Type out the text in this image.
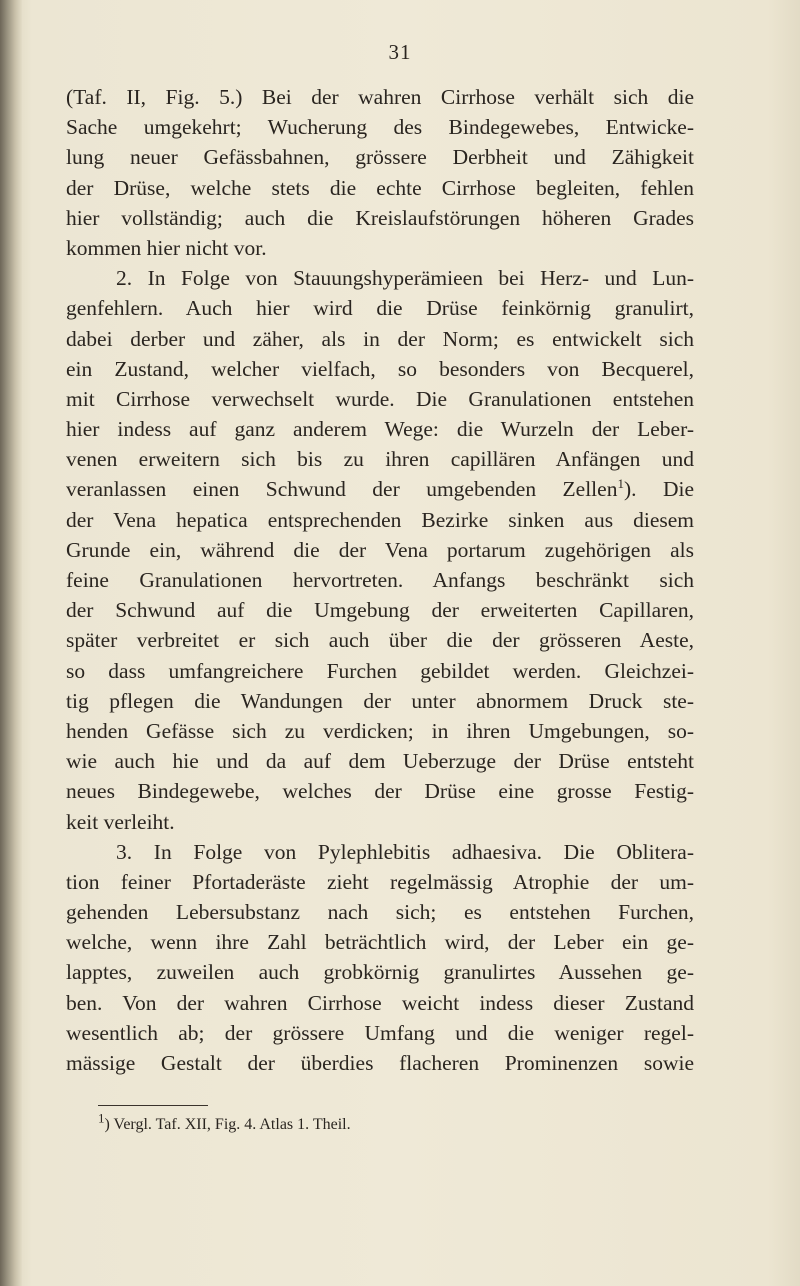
31
(Taf. II, Fig. 5.) Bei der wahren Cirrhose verhält sich die
Sache umgekehrt; Wucherung des Bindegewebes, Entwicke-
lung neuer Gefässbahnen, grössere Derbheit und Zähigkeit
der Drüse, welche stets die echte Cirrhose begleiten, fehlen
hier vollständig; auch die Kreislaufstörungen höheren Grades
kommen hier nicht vor.
2. In Folge von Stauungshyperämieen bei Herz- und Lun-
genfehlern. Auch hier wird die Drüse feinkörnig granulirt,
dabei derber und zäher, als in der Norm; es entwickelt sich
ein Zustand, welcher vielfach, so besonders von Becquerel,
mit Cirrhose verwechselt wurde. Die Granulationen entstehen
hier indess auf ganz anderem Wege: die Wurzeln der Leber-
venen erweitern sich bis zu ihren capillären Anfängen und
veranlassen einen Schwund der umgebenden Zellen$^1$). Die
der Vena hepatica entsprechenden Bezirke sinken aus diesem
Grunde ein, während die der Vena portarum zugehörigen als
feine Granulationen hervortreten. Anfangs beschränkt sich
der Schwund auf die Umgebung der erweiterten Capillaren,
später verbreitet er sich auch über die der grösseren Aeste,
so dass umfangreichere Furchen gebildet werden. Gleichzei-
tig pflegen die Wandungen der unter abnormem Druck ste-
henden Gefässe sich zu verdicken; in ihren Umgebungen, so-
wie auch hie und da auf dem Ueberzuge der Drüse entsteht
neues Bindegewebe, welches der Drüse eine grosse Festig-
keit verleiht.
3. In Folge von Pylephlebitis adhaesiva. Die Oblitera-
tion feiner Pfortaderäste zieht regelmässig Atrophie der um-
gehenden Lebersubstanz nach sich; es entstehen Furchen,
welche, wenn ihre Zahl beträchtlich wird, der Leber ein ge-
lapptes, zuweilen auch grobkörnig granulirtes Aussehen ge-
ben. Von der wahren Cirrhose weicht indess dieser Zustand
wesentlich ab; der grössere Umfang und die weniger regel-
mässige Gestalt der überdies flacheren Prominenzen sowie
$^1$) Vergl. Taf. XII, Fig. 4. Atlas 1. Theil.
